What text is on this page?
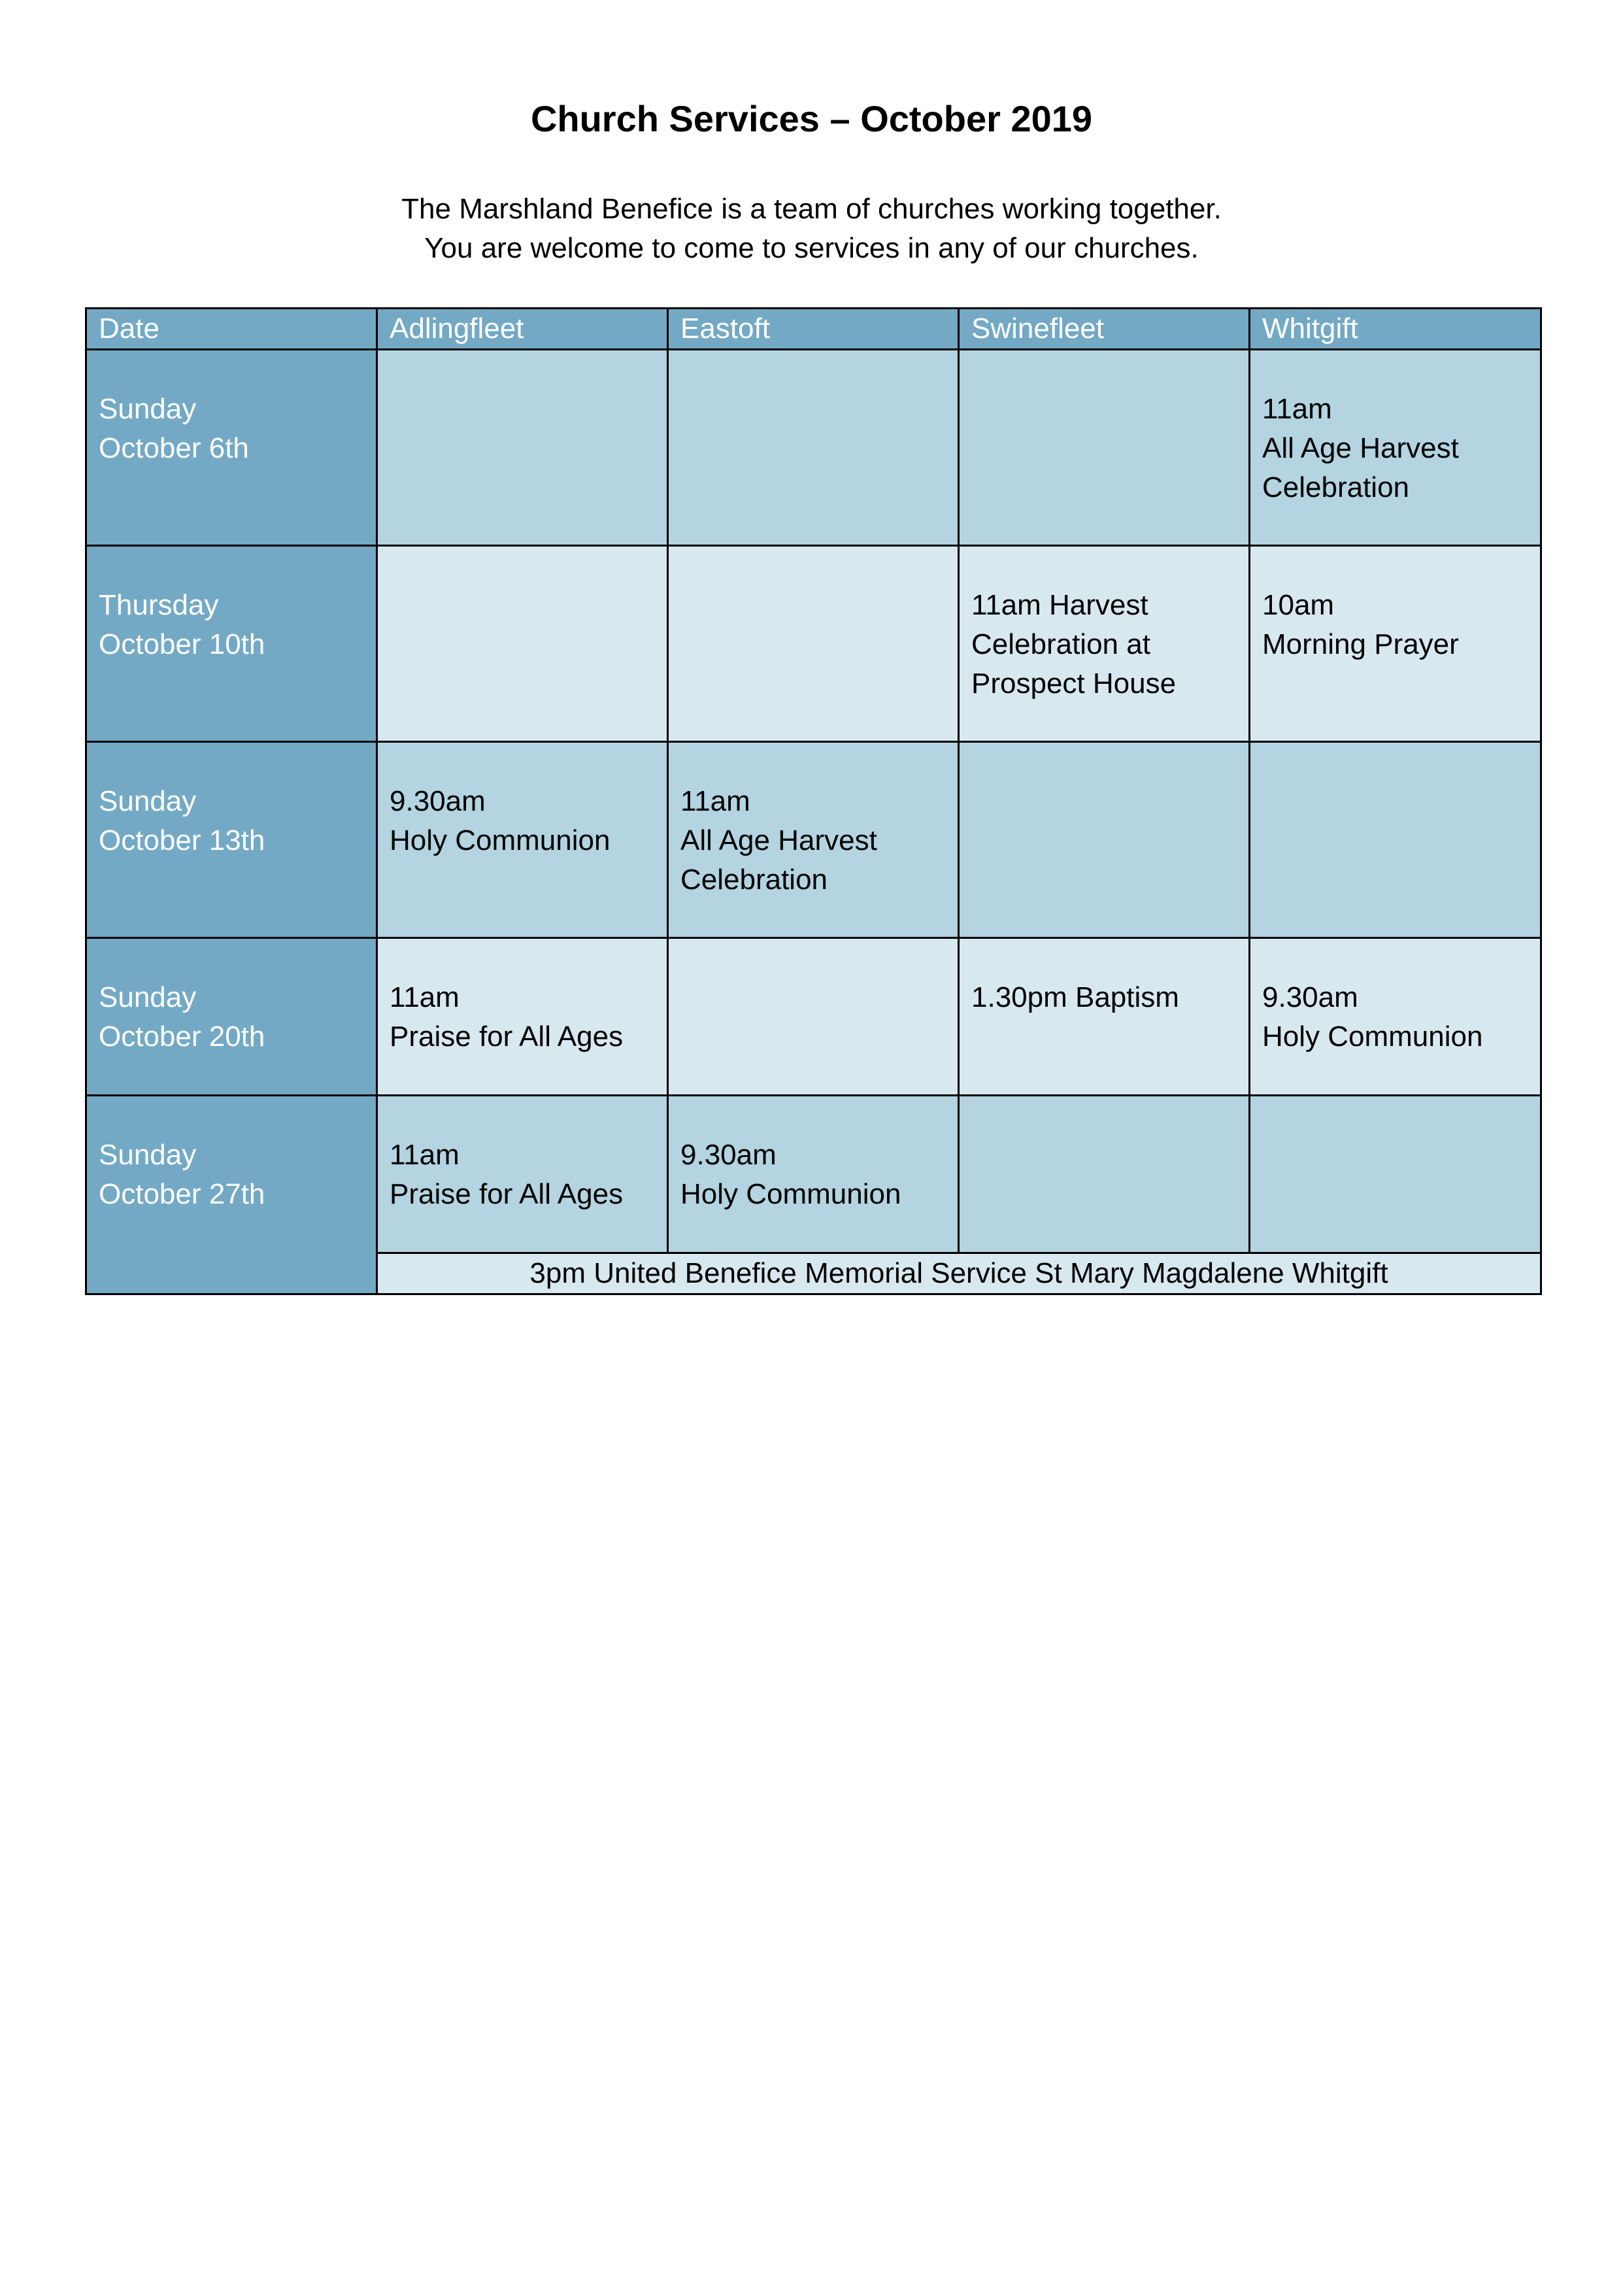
Church Services – October 2019
The Marshland Benefice is a team of churches working together.
You are welcome to come to services in any of our churches.
Date	Adlingfleet	Eastoft	Swinefleet	Whitgift

Sunday
October 6th				11am
All Age Harvest Celebration

Thursday
October 10th			11am Harvest Celebration at Prospect House	10am
Morning Prayer

Sunday
October 13th	9.30am
Holy Communion	11am
All Age Harvest Celebration		

Sunday
October 20th	11am
Praise for All Ages		1.30pm Baptism	9.30am
Holy Communion

Sunday
October 27th	11am
Praise for All Ages	9.30am
Holy Communion		

	3pm United Benefice Memorial Service St Mary Magdalene Whitgift			
